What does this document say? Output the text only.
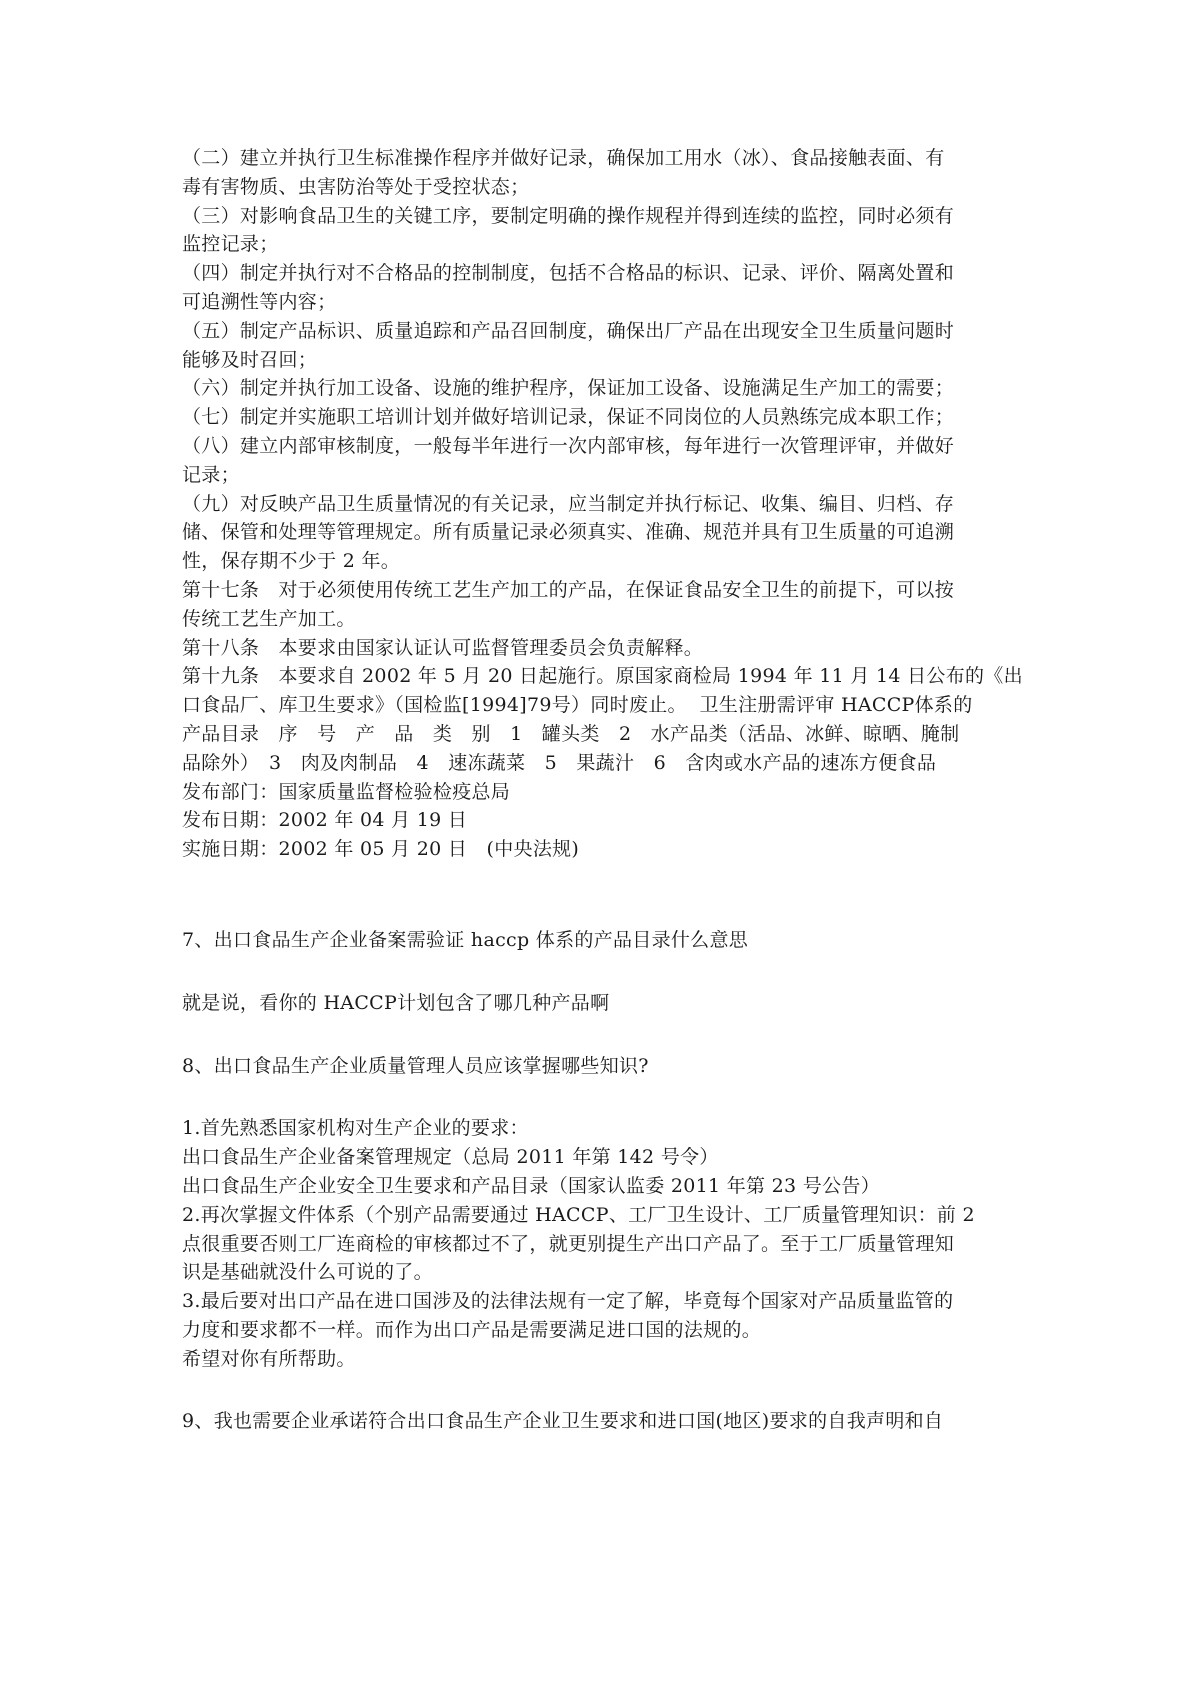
（二）建立并执行卫生标准操作程序并做好记录，确保加工用水（冰）、食品接触表面、有

毒有害物质、虫害防治等处于受控状态；

（三）对影响食品卫生的关键工序，要制定明确的操作规程并得到连续的监控，同时必须有

监控记录；

（四）制定并执行对不合格品的控制制度，包括不合格品的标识、记录、评价、隔离处置和

可追溯性等内容；

（五）制定产品标识、质量追踪和产品召回制度，确保出厂产品在出现安全卫生质量问题时

能够及时召回；

（六）制定并执行加工设备、设施的维护程序，保证加工设备、设施满足生产加工的需要；

（七）制定并实施职工培训计划并做好培训记录，保证不同岗位的人员熟练完成本职工作；

（八）建立内部审核制度，一般每半年进行一次内部审核，每年进行一次管理评审，并做好

记录；

（九）对反映产品卫生质量情况的有关记录，应当制定并执行标记、收集、编目、归档、存

储、保管和处理等管理规定。所有质量记录必须真实、准确、规范并具有卫生质量的可追溯

性，保存期不少于 2 年。

第十七条　对于必须使用传统工艺生产加工的产品，在保证食品安全卫生的前提下，可以按

传统工艺生产加工。

第十八条　本要求由国家认证认可监督管理委员会负责解释。

第十九条　本要求自 2002 年 5 月 20 日起施行。原国家商检局 1994 年 11 月 14 日公布的《出

口食品厂、库卫生要求》（国检监[1994]79号）同时废止。  卫生注册需评审 HACCP体系的

产品目录　序　号　产　品　类　别　1　罐头类　2　水产品类（活品、冰鲜、晾晒、腌制

品除外）　3　肉及肉制品　4　速冻蔬菜　5　果蔬汁　6　含肉或水产品的速冻方便食品

发布部门：国家质量监督检验检疫总局

发布日期：2002 年 04 月 19 日

实施日期：2002 年 05 月 20 日　(中央法规)

7、出口食品生产企业备案需验证 haccp 体系的产品目录什么意思

就是说，看你的 HACCP计划包含了哪几种产品啊

8、出口食品生产企业质量管理人员应该掌握哪些知识?

1.首先熟悉国家机构对生产企业的要求：

出口食品生产企业备案管理规定（总局 2011 年第 142 号令）

出口食品生产企业安全卫生要求和产品目录（国家认监委 2011 年第 23 号公告）

2.再次掌握文件体系（个别产品需要通过 HACCP、工厂卫生设计、工厂质量管理知识：前 2

点很重要否则工厂连商检的审核都过不了，就更别提生产出口产品了。至于工厂质量管理知

识是基础就没什么可说的了。

3.最后要对出口产品在进口国涉及的法律法规有一定了解，毕竟每个国家对产品质量监管的

力度和要求都不一样。而作为出口产品是需要满足进口国的法规的。

希望对你有所帮助。

9、我也需要企业承诺符合出口食品生产企业卫生要求和进口国(地区)要求的自我声明和自
